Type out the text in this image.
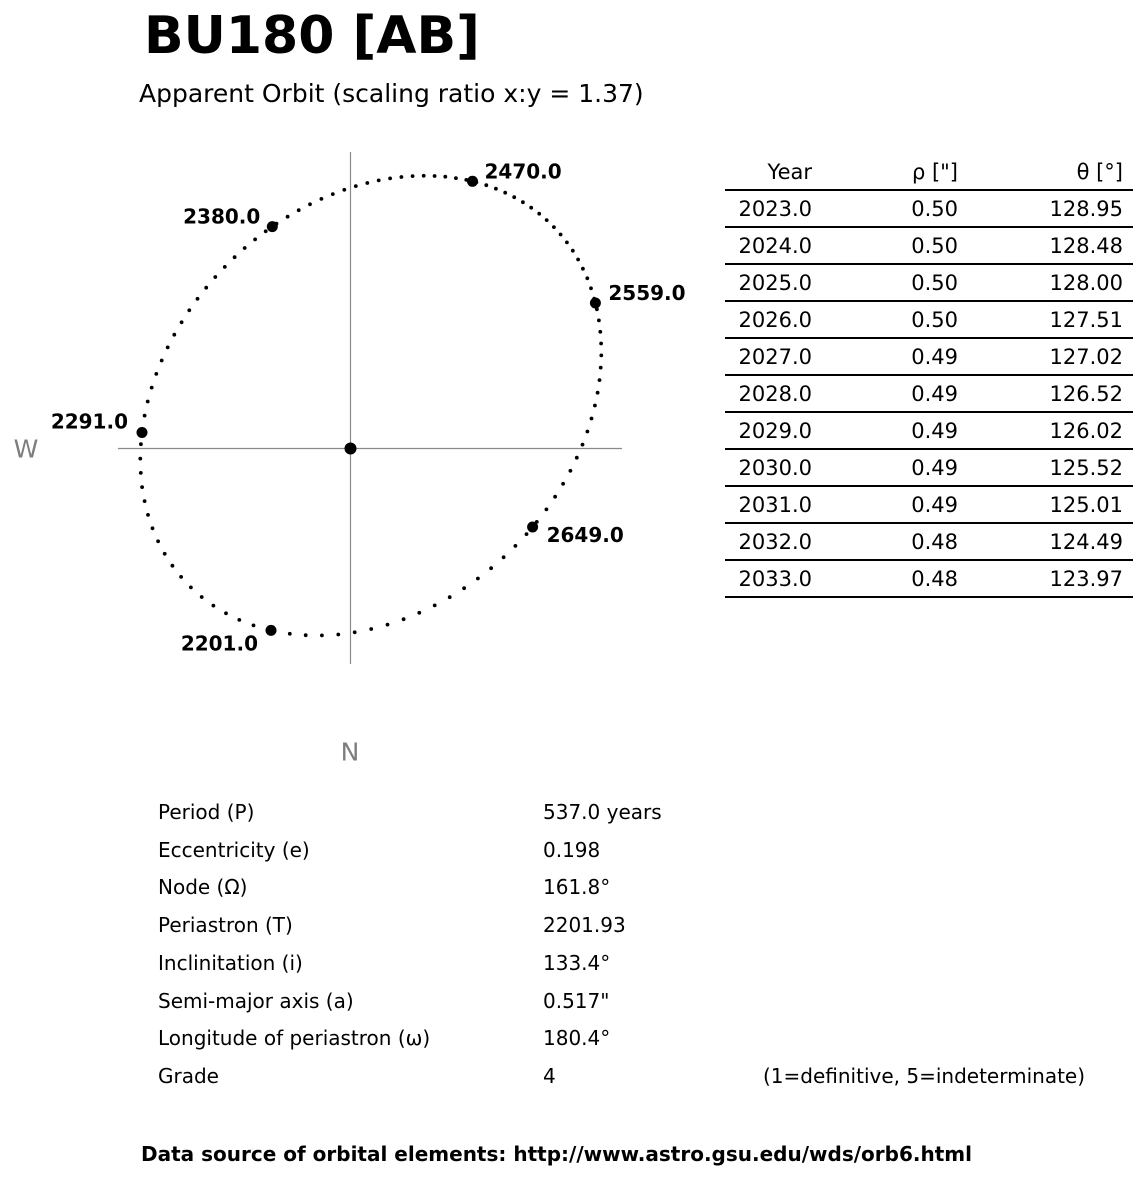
BU180 [AB]
Apparent Orbit (scaling ratio x:y = 1.37)
W
N
2201.0
2291.0
2380.0
2470.0
2559.0
2649.0
Year	ρ ["]	θ [°]
2023.0	0.50	128.95
2024.0	0.50	128.48
2025.0	0.50	128.00
2026.0	0.50	127.51
2027.0	0.49	127.02
2028.0	0.49	126.52
2029.0	0.49	126.02
2030.0	0.49	125.52
2031.0	0.49	125.01
2032.0	0.48	124.49
2033.0	0.48	123.97
Period (P)	537.0 years
Eccentricity (e)	0.198
Node (Ω)	161.8°
Periastron (T)	2201.93
Inclinitation (i)	133.4°
Semi-major axis (a)	0.517"
Longitude of periastron (ω)	180.4°
Grade	4	(1=definitive, 5=indeterminate)
Data source of orbital elements: http://www.astro.gsu.edu/wds/orb6.html
